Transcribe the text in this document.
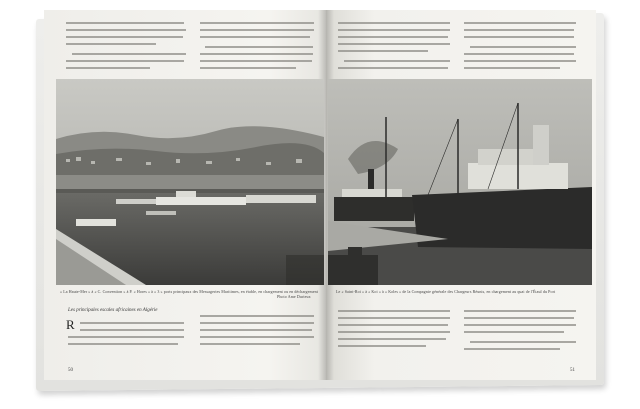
« La Haute-Mer » à « C. Convention » à P. « Hores » à « 3 » ports principaux des Messageries Maritimes, en étable, en chargement ou en déchargement
Photo Ame Durieux
Le « Saint-Roi » à « Koi » à « Koles » de la Compagnie générale des Chargeurs Réunis, en chargement au quai de l'Étaul du Port
Les principales escales africaines en Algérie
R
50	51
